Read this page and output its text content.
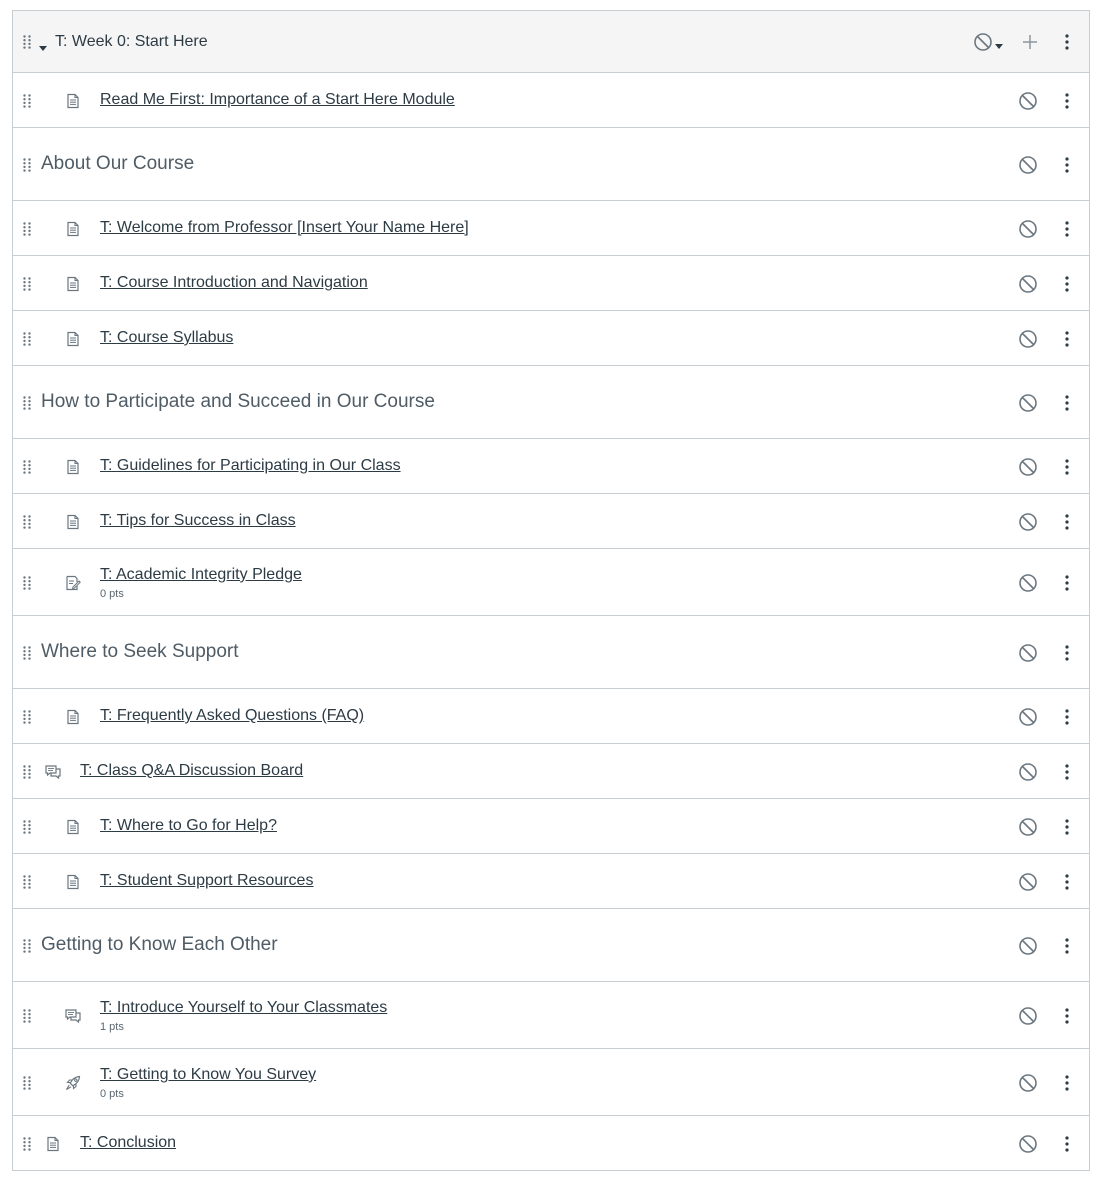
T: Week 0: Start Here
Read Me First: Importance of a Start Here Module
About Our Course
T: Welcome from Professor [Insert Your Name Here]
T: Course Introduction and Navigation
T: Course Syllabus
How to Participate and Succeed in Our Course
T: Guidelines for Participating in Our Class
T: Tips for Success in Class
T: Academic Integrity Pledge
0 pts
Where to Seek Support
T: Frequently Asked Questions (FAQ)
T: Class Q&A Discussion Board
T: Where to Go for Help?
T: Student Support Resources
Getting to Know Each Other
T: Introduce Yourself to Your Classmates
1 pts
T: Getting to Know You Survey
0 pts
T: Conclusion
